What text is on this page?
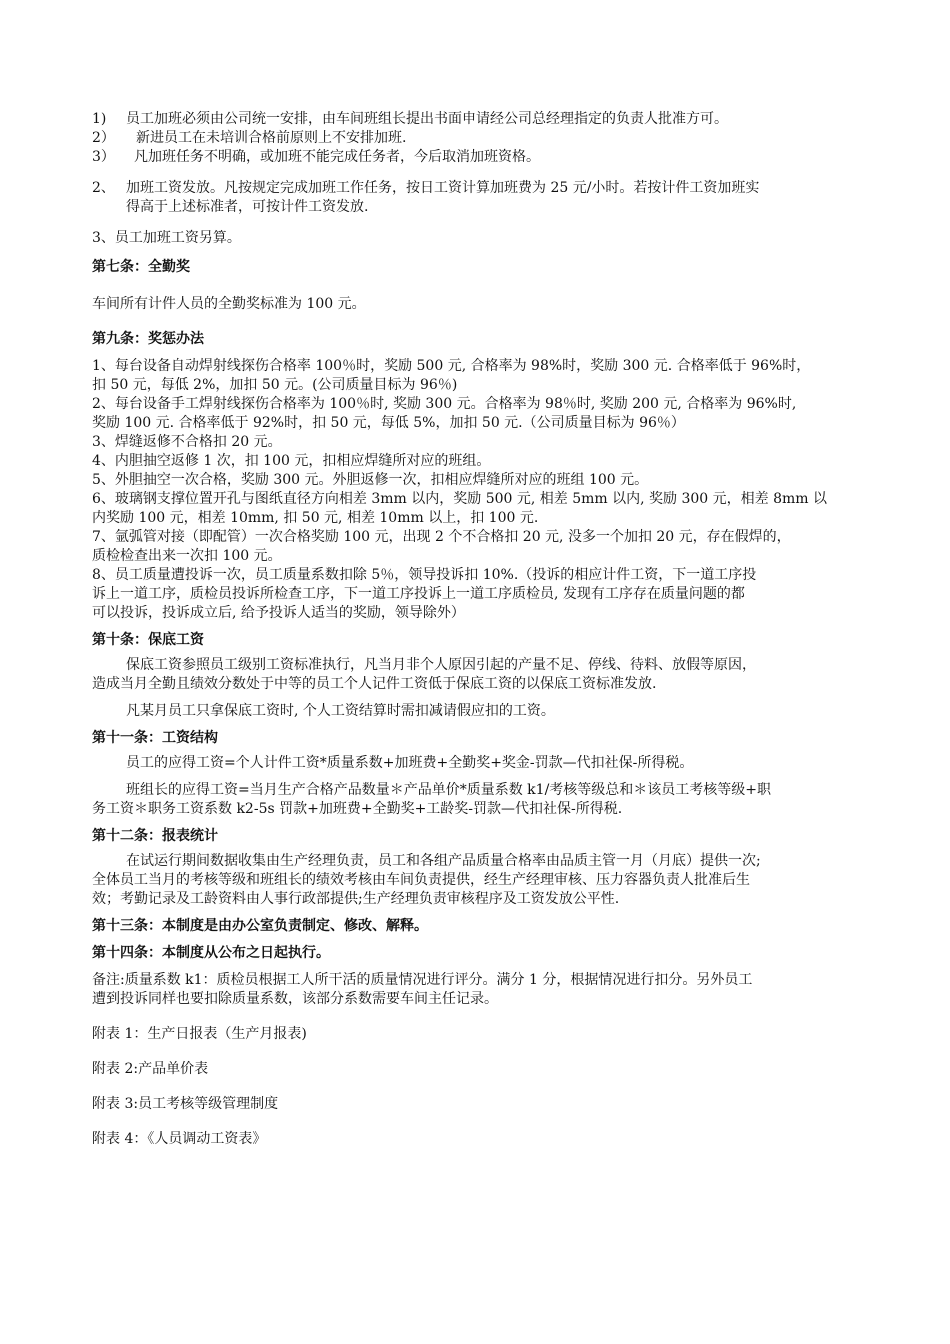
1)	员工加班必须由公司统一安排，由车间班组长提出书面申请经公司总经理指定的负责人批准方可。
2）	新进员工在未培训合格前原则上不安排加班.
3）	凡加班任务不明确，或加班不能完成任务者，今后取消加班资格。
2、 加班工资发放。凡按规定完成加班工作任务，按日工资计算加班费为 25 元/小时。若按计件工资加班实
得高于上述标准者，可按计件工资发放.
3、员工加班工资另算。
第七条：全勤奖
车间所有计件人员的全勤奖标准为 100 元。
第九条：奖惩办法
1、每台设备自动焊射线探伤合格率 100％时，奖励 500 元, 合格率为 98%时，奖励 300 元. 合格率低于 96%时，
扣 50 元，每低 2%，加扣 50 元。(公司质量目标为 96％)
2、每台设备手工焊射线探伤合格率为 100％时, 奖励 300 元。合格率为 98％时, 奖励 200 元, 合格率为 96%时,
奖励 100 元. 合格率低于 92%时，扣 50 元，每低 5%，加扣 50 元.（公司质量目标为 96％）
3、焊缝返修不合格扣 20 元。
4、内胆抽空返修 1 次，扣 100 元，扣相应焊缝所对应的班组。
5、外胆抽空一次合格，奖励 300 元。外胆返修一次，扣相应焊缝所对应的班组 100 元。
6、玻璃钢支撑位置开孔与图纸直径方向相差 3mm 以内，奖励 500 元, 相差 5mm 以内, 奖励 300 元，相差 8mm 以
内奖励 100 元，相差 10mm, 扣 50 元, 相差 10mm 以上，扣 100 元.
7、氩弧管对接（即配管）一次合格奖励 100 元，出现 2 个不合格扣 20 元, 没多一个加扣 20 元，存在假焊的，
质检检查出来一次扣 100 元。
8、员工质量遭投诉一次，员工质量系数扣除 5％，领导投诉扣 10%.（投诉的相应计件工资，下一道工序投
诉上一道工序，质检员投诉所检查工序，下一道工序投诉上一道工序质检员, 发现有工序存在质量问题的都
可以投诉，投诉成立后, 给予投诉人适当的奖励，领导除外）
第十条：保底工资
保底工资参照员工级别工资标准执行，凡当月非个人原因引起的产量不足、停线、待料、放假等原因，
造成当月全勤且绩效分数处于中等的员工个人记件工资低于保底工资的以保底工资标准发放.
凡某月员工只拿保底工资时, 个人工资结算时需扣减请假应扣的工资。
第十一条：工资结构
员工的应得工资=个人计件工资*质量系数+加班费+全勤奖+奖金-罚款—代扣社保-所得税。
班组长的应得工资=当月生产合格产品数量＊产品单价*质量系数 k1/考核等级总和＊该员工考核等级+职
务工资＊职务工资系数 k2-5s 罚款+加班费+全勤奖+工龄奖-罚款—代扣社保-所得税.
第十二条：报表统计
在试运行期间数据收集由生产经理负责，员工和各组产品质量合格率由品质主管一月（月底）提供一次;
全体员工当月的考核等级和班组长的绩效考核由车间负责提供，经生产经理审核、压力容器负责人批准后生
效；考勤记录及工龄资料由人事行政部提供;生产经理负责审核程序及工资发放公平性.
第十三条：本制度是由办公室负责制定、修改、解释。
第十四条：本制度从公布之日起执行。
备注:质量系数 k1：质检员根据工人所干活的质量情况进行评分。满分 1 分，根据情况进行扣分。另外员工
遭到投诉同样也要扣除质量系数，该部分系数需要车间主任记录。
附表 1：生产日报表（生产月报表)
附表 2:产品单价表
附表 3:员工考核等级管理制度
附表 4：《人员调动工资表》
